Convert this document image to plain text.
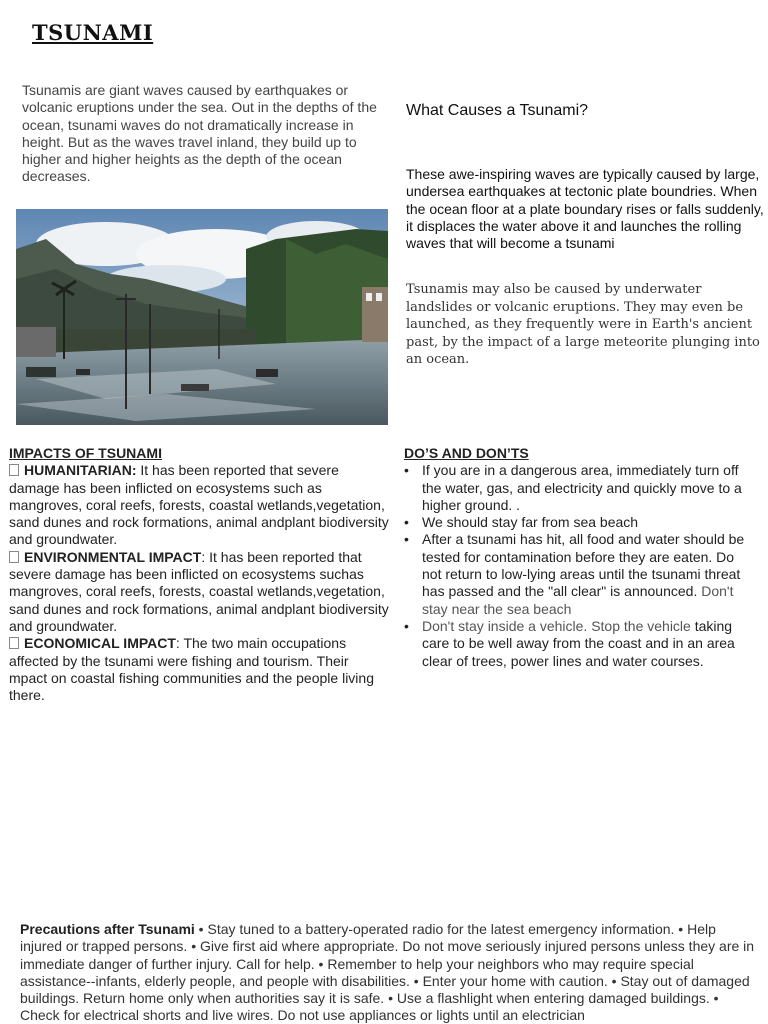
TSUNAMI
Tsunamis are giant waves caused by earthquakes or volcanic eruptions under the sea. Out in the depths of the ocean, tsunami waves do not dramatically increase in height. But as the waves travel inland, they build up to higher and higher heights as the depth of the ocean decreases.
What Causes a Tsunami?
These awe-inspiring waves are typically caused by large, undersea earthquakes at tectonic plate boundries. When the ocean floor at a plate boundary rises or falls suddenly, it displaces the water above it and launches the rolling waves that will become a tsunami
Tsunamis may also be caused by underwater landslides or volcanic eruptions. They may even be launched, as they frequently were in Earth's ancient past, by the impact of a large meteorite plunging into an ocean.
IMPACTS OF TSUNAMI
HUMANITARIAN: It has been reported that severe damage has been inflicted on ecosystems such as mangroves, coral reefs, forests, coastal wetlands,vegetation, sand dunes and rock formations, animal andplant biodiversity and groundwater.
ENVIRONMENTAL IMPACT: It has been reported that severe damage has been inflicted on ecosystems suchas mangroves, coral reefs, forests, coastal wetlands,vegetation, sand dunes and rock formations, animal andplant biodiversity and groundwater.
ECONOMICAL IMPACT: The two main occupations affected by the tsunami were fishing and tourism. Their mpact on coastal fishing communities and the people living there.
DO’S AND DON’TS
• If you are in a dangerous area, immediately turn off the water, gas, and electricity and quickly move to a higher ground. .
• We should stay far from sea beach
• After a tsunami has hit, all food and water should be tested for contamination before they are eaten. Do not return to low-lying areas until the tsunami threat has passed and the "all clear" is announced. Don't stay near the sea beach
• Don't stay inside a vehicle. Stop the vehicle taking care to be well away from the coast and in an area clear of trees, power lines and water courses.
Precautions after Tsunami • Stay tuned to a battery-operated radio for the latest emergency information. • Help injured or trapped persons. • Give first aid where appropriate. Do not move seriously injured persons unless they are in immediate danger of further injury. Call for help. • Remember to help your neighbors who may require special assistance--infants, elderly people, and people with disabilities. • Enter your home with caution. • Stay out of damaged buildings. Return home only when authorities say it is safe. • Use a flashlight when entering damaged buildings. • Check for electrical shorts and live wires. Do not use appliances or lights until an electrician
